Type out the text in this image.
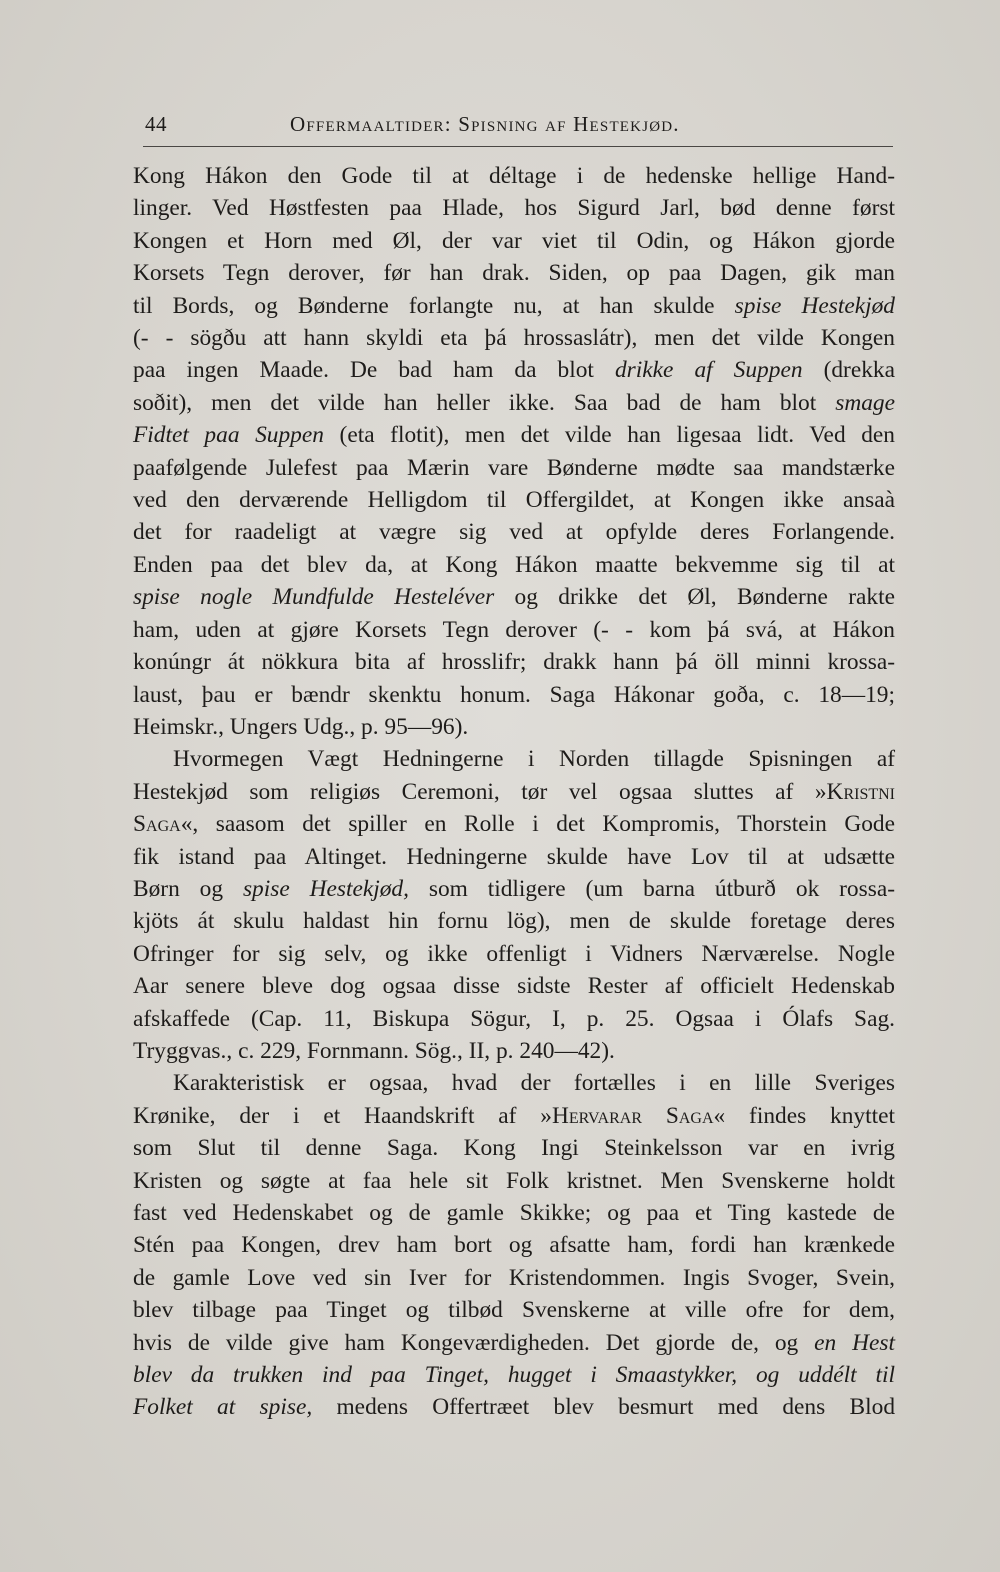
44	Offermaaltider: Spisning af Hestekjød.
Kong Hákon den Gode til at déltage i de hedenske hellige Hand-
linger. Ved Høstfesten paa Hlade, hos Sigurd Jarl, bød denne først
Kongen et Horn med Øl, der var viet til Odin, og Hákon gjorde
Korsets Tegn derover, før han drak. Siden, op paa Dagen, gik man
til Bords, og Bønderne forlangte nu, at han skulde spise Hestekjød
(- - sögðu att hann skyldi eta þá hrossaslátr), men det vilde Kongen
paa ingen Maade. De bad ham da blot drikke af Suppen (drekka
soðit), men det vilde han heller ikke. Saa bad de ham blot smage
Fidtet paa Suppen (eta flotit), men det vilde han ligesaa lidt. Ved den
paafølgende Julefest paa Mærin vare Bønderne mødte saa mandstærke
ved den derværende Helligdom til Offergildet, at Kongen ikke ansaà
det for raadeligt at vægre sig ved at opfylde deres Forlangende.
Enden paa det blev da, at Kong Hákon maatte bekvemme sig til at
spise nogle Mundfulde Hesteléver og drikke det Øl, Bønderne rakte
ham, uden at gjøre Korsets Tegn derover (- - kom þá svá, at Hákon
konúngr át nökkura bita af hrosslifr; drakk hann þá öll minni krossa-
laust, þau er bændr skenktu honum. Saga Hákonar goða, c. 18—19;
Heimskr., Ungers Udg., p. 95—96).
Hvormegen Vægt Hedningerne i Norden tillagde Spisningen af
Hestekjød som religiøs Ceremoni, tør vel ogsaa sluttes af »Kristni
Saga«, saasom det spiller en Rolle i det Kompromis, Thorstein Gode
fik istand paa Altinget. Hedningerne skulde have Lov til at udsætte
Børn og spise Hestekjød, som tidligere (um barna útburð ok rossa-
kjöts át skulu haldast hin fornu lög), men de skulde foretage deres
Ofringer for sig selv, og ikke offenligt i Vidners Nærværelse. Nogle
Aar senere bleve dog ogsaa disse sidste Rester af officielt Hedenskab
afskaffede (Cap. 11, Biskupa Sögur, I, p. 25. Ogsaa i Ólafs Sag.
Tryggvas., c. 229, Fornmann. Sög., II, p. 240—42).
Karakteristisk er ogsaa, hvad der fortælles i en lille Sveriges
Krønike, der i et Haandskrift af »Hervarar Saga« findes knyttet
som Slut til denne Saga. Kong Ingi Steinkelsson var en ivrig
Kristen og søgte at faa hele sit Folk kristnet. Men Svenskerne holdt
fast ved Hedenskabet og de gamle Skikke; og paa et Ting kastede de
Stén paa Kongen, drev ham bort og afsatte ham, fordi han krænkede
de gamle Love ved sin Iver for Kristendommen. Ingis Svoger, Svein,
blev tilbage paa Tinget og tilbød Svenskerne at ville ofre for dem,
hvis de vilde give ham Kongeværdigheden. Det gjorde de, og en Hest
blev da trukken ind paa Tinget, hugget i Smaastykker, og uddélt til
Folket at spise, medens Offertræet blev besmurt med dens Blod
